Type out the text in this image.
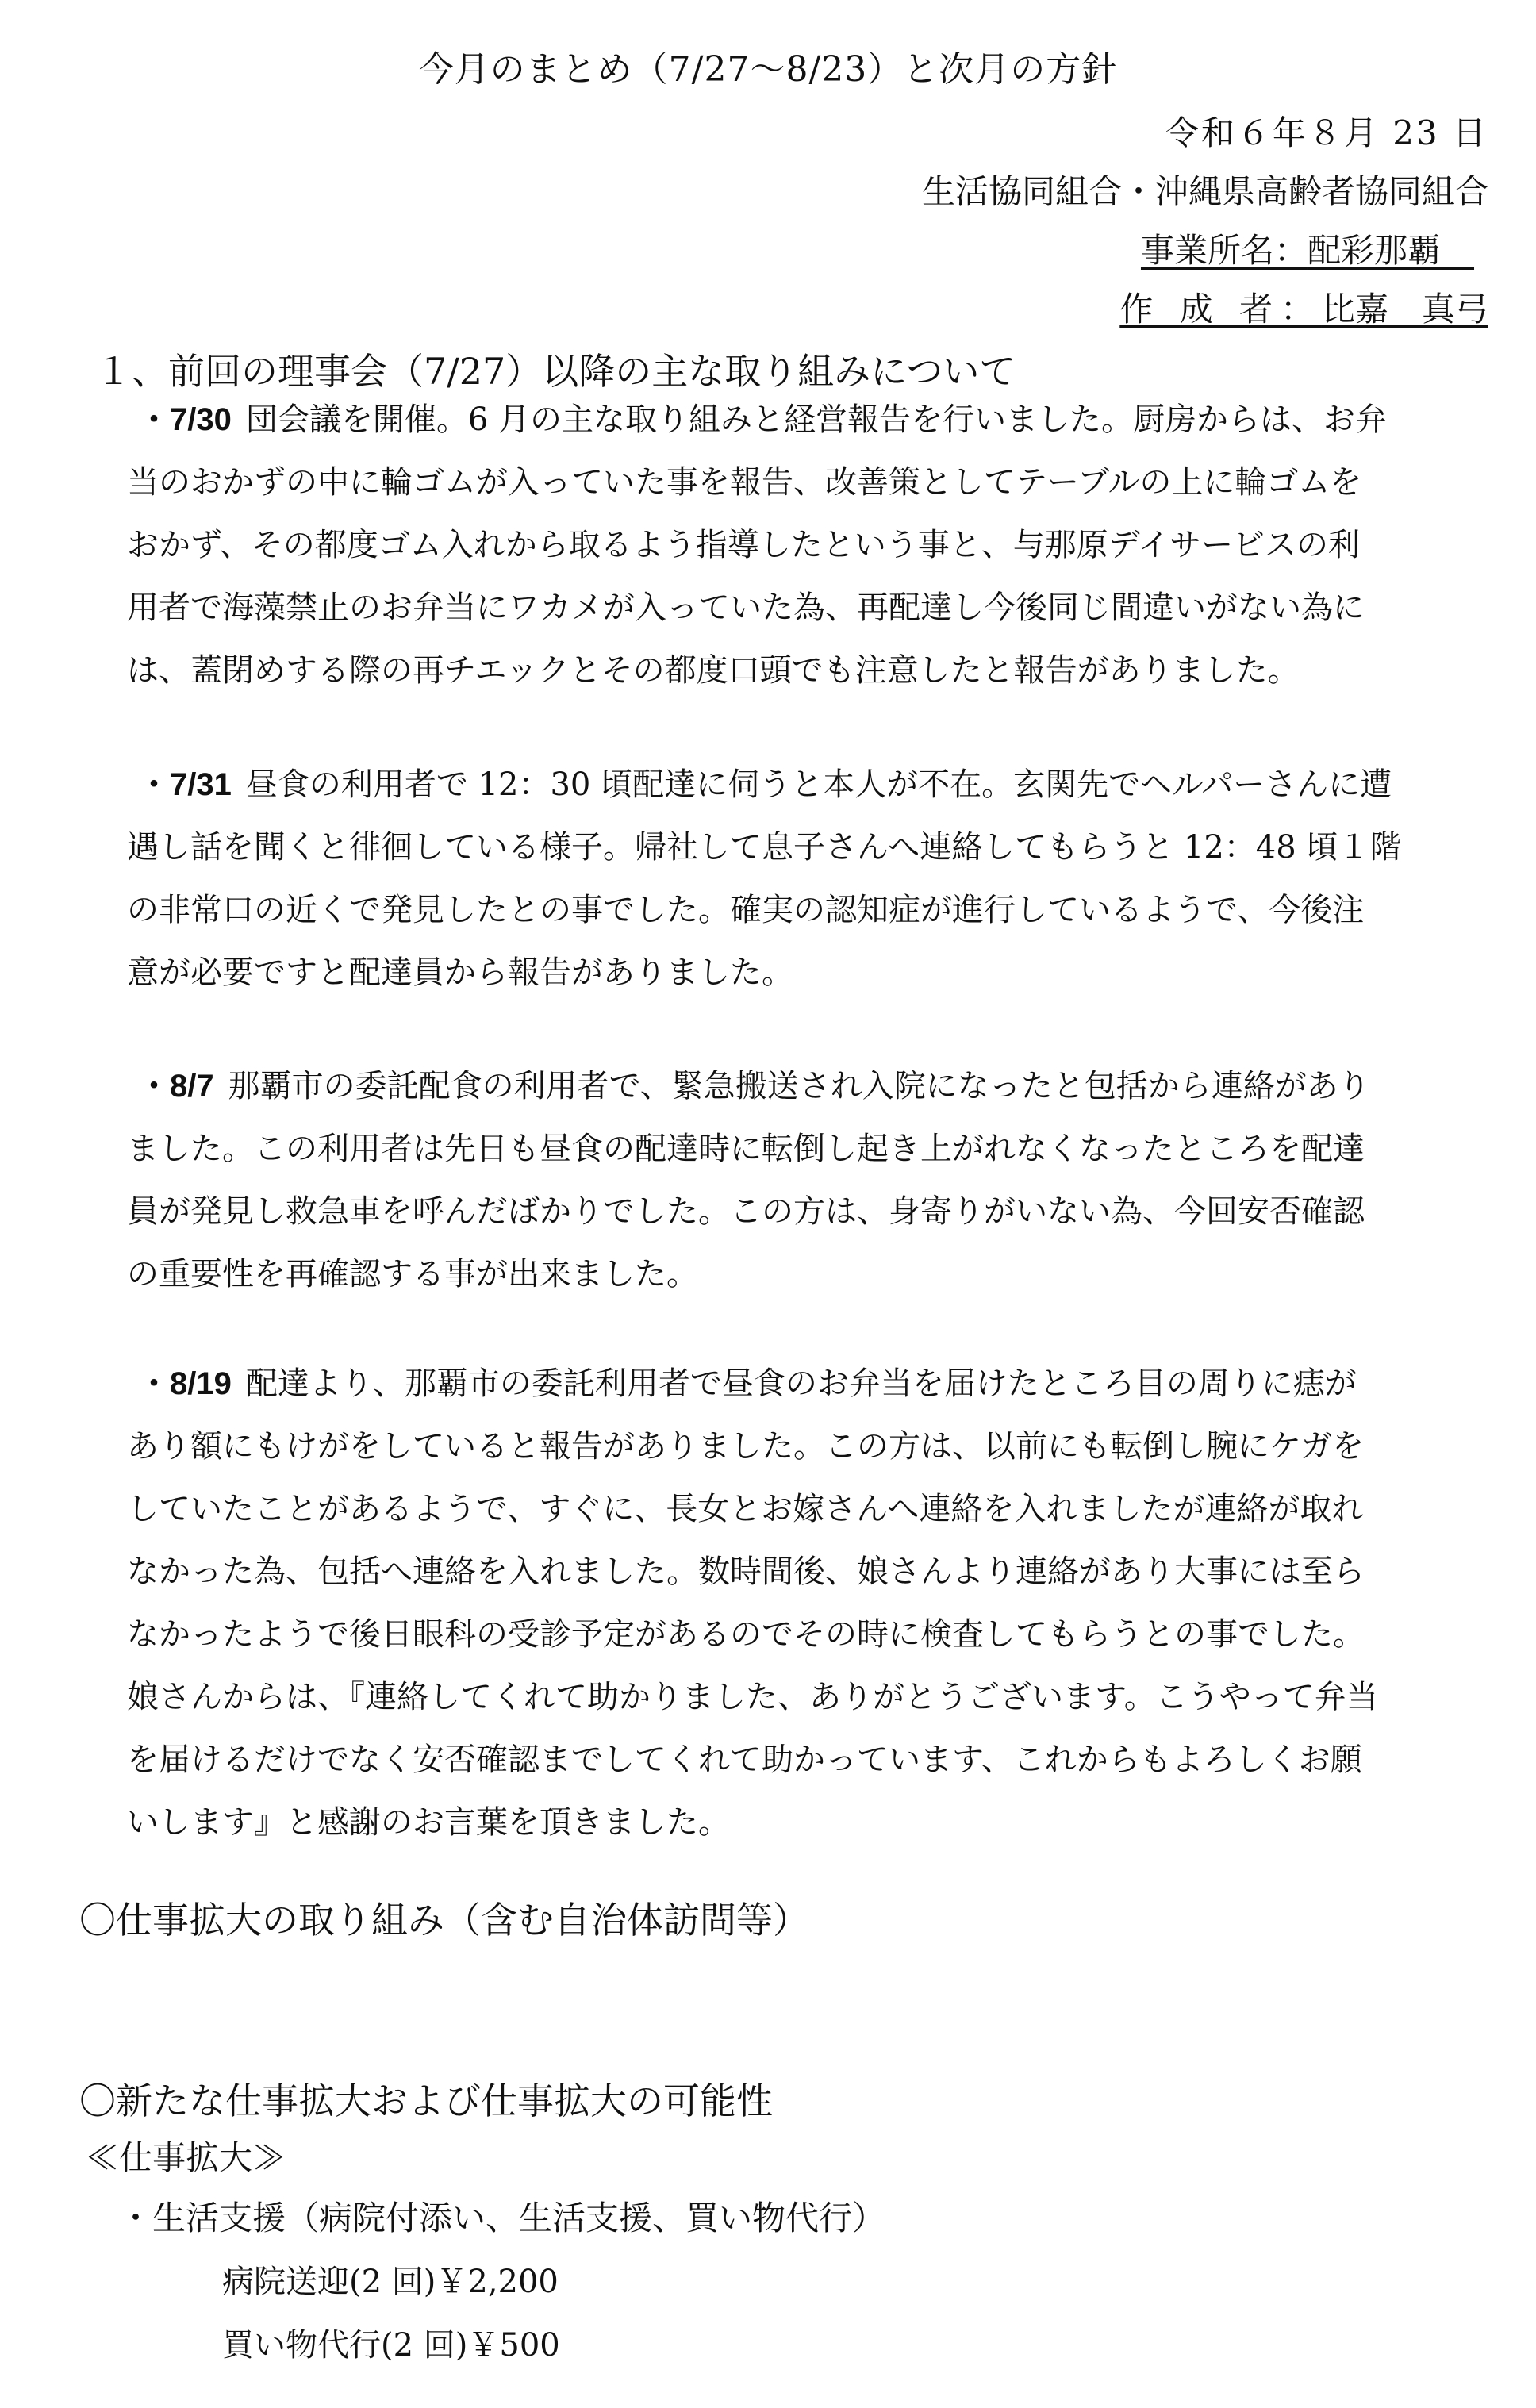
今月のまとめ（7/27～8/23）と次月の方針
令和６年８月 23 日
生活協同組合・沖縄県高齢者協同組合
事業所名：配彩那覇　
作 成 者：比嘉　真弓
１、前回の理事会（7/27）以降の主な取り組みについて
・7/30 団会議を開催。6 月の主な取り組みと経営報告を行いました。厨房からは、お弁
当のおかずの中に輪ゴムが入っていた事を報告、改善策としてテーブルの上に輪ゴムを
おかず、その都度ゴム入れから取るよう指導したという事と、与那原デイサービスの利
用者で海藻禁止のお弁当にワカメが入っていた為、再配達し今後同じ間違いがない為に
は、蓋閉めする際の再チエックとその都度口頭でも注意したと報告がありました。
・7/31 昼食の利用者で 12：30 頃配達に伺うと本人が不在。玄関先でヘルパーさんに遭
遇し話を聞くと徘徊している様子。帰社して息子さんへ連絡してもらうと 12：48 頃１階
の非常口の近くで発見したとの事でした。確実の認知症が進行しているようで、今後注
意が必要ですと配達員から報告がありました。
・8/7 那覇市の委託配食の利用者で、緊急搬送され入院になったと包括から連絡があり
ました。この利用者は先日も昼食の配達時に転倒し起き上がれなくなったところを配達
員が発見し救急車を呼んだばかりでした。この方は、身寄りがいない為、今回安否確認
の重要性を再確認する事が出来ました。
・8/19 配達より、那覇市の委託利用者で昼食のお弁当を届けたところ目の周りに痣が
あり額にもけがをしていると報告がありました。この方は、以前にも転倒し腕にケガを
していたことがあるようで、すぐに、長女とお嫁さんへ連絡を入れましたが連絡が取れ
なかった為、包括へ連絡を入れました。数時間後、娘さんより連絡があり大事には至ら
なかったようで後日眼科の受診予定があるのでその時に検査してもらうとの事でした。
娘さんからは、『連絡してくれて助かりました、ありがとうございます。こうやって弁当
を届けるだけでなく安否確認までしてくれて助かっています、これからもよろしくお願
いします』と感謝のお言葉を頂きました。
〇仕事拡大の取り組み（含む自治体訪問等）
〇新たな仕事拡大および仕事拡大の可能性
≪仕事拡大≫
・生活支援（病院付添い、生活支援、買い物代行）
病院送迎(2 回)￥2,200
買い物代行(2 回)￥500
